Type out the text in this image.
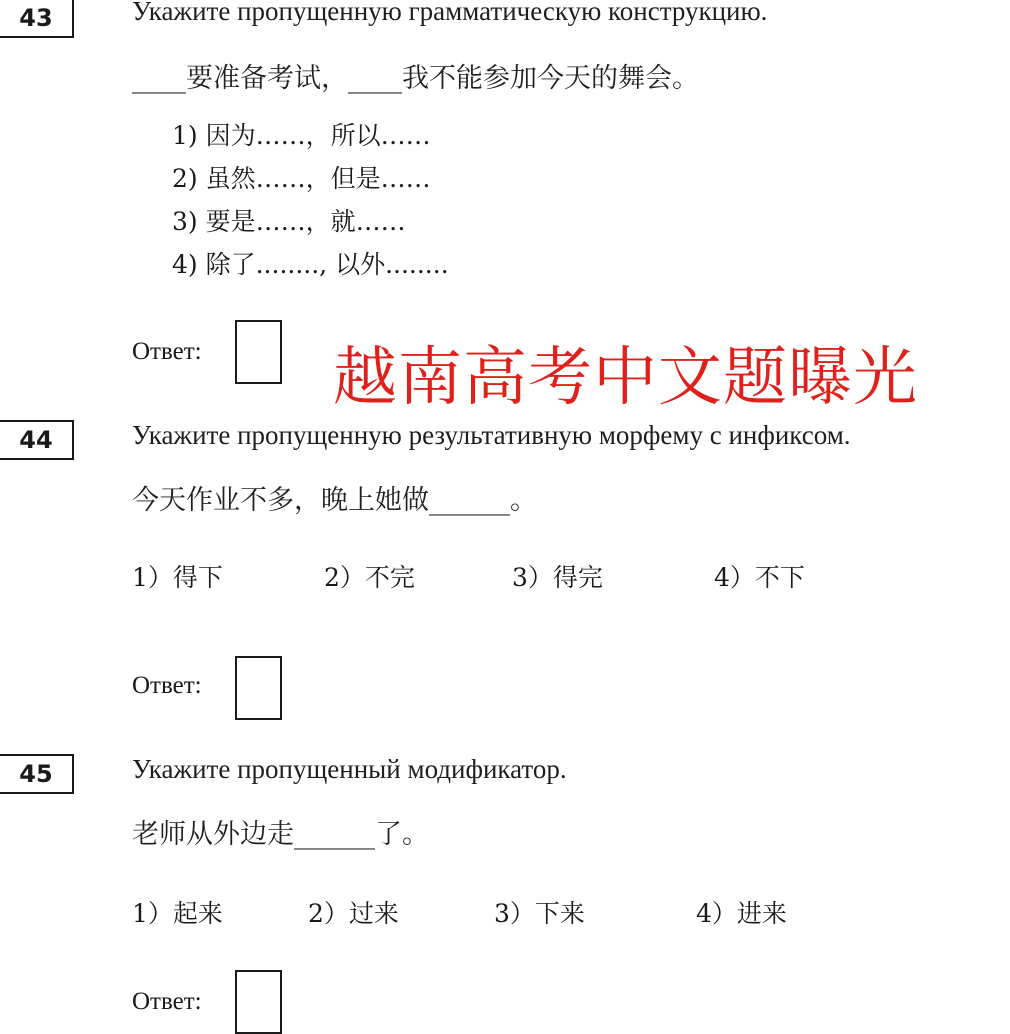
43	Укажите пропущенную грамматическую конструкцию.
____要准备考试，____我不能参加今天的舞会。
1) 因为……，所以……
2) 虽然……，但是……
3) 要是……，就……
4) 除了........, 以外........
Ответ: 越南高考中文题曝光
44	Укажите пропущенную результативную морфему с инфиксом.
今天作业不多，晚上她做______。
1）得下	2）不完	3）得完	4）不下
Ответ:
45	Укажите пропущенный модификатор.
老师从外边走______了。
1）起来	2）过来	3）下来	4）进来
Ответ:
